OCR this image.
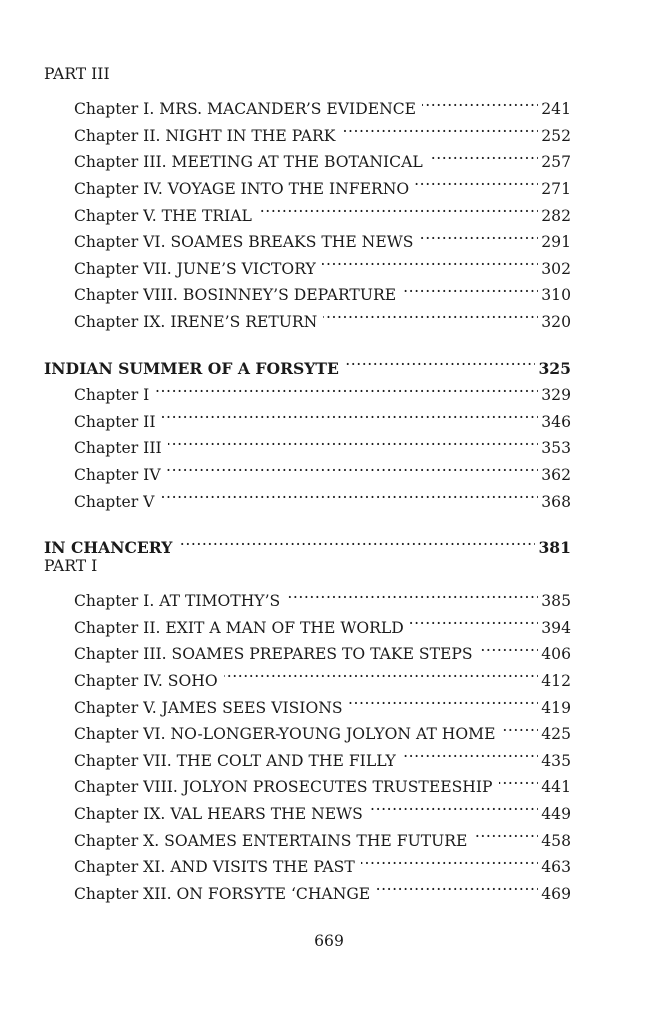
PART III
Chapter I. MRS. MACANDER’S EVIDENCE . . .	241
Chapter II. NIGHT IN THE PARK . . .	252
Chapter III. MEETING AT THE BOTANICAL . . .	257
Chapter IV. VOYAGE INTO THE INFERNO . . .	271
Chapter V. THE TRIAL . . .	282
Chapter VI. SOAMES BREAKS THE NEWS . . .	291
Chapter VII. JUNE’S VICTORY . . .	302
Chapter VIII. BOSINNEY’S DEPARTURE . . .	310
Chapter IX. IRENE’S RETURN . . .	320
INDIAN SUMMER OF A FORSYTE . . .	325
Chapter I . . .	329
Chapter II . . .	346
Chapter III . . .	353
Chapter IV . . .	362
Chapter V . . .	368
IN CHANCERY . . .	381
PART I
Chapter I. AT TIMOTHY’S . . .	385
Chapter II. EXIT A MAN OF THE WORLD . . .	394
Chapter III. SOAMES PREPARES TO TAKE STEPS . . .	406
Chapter IV. SOHO . . .	412
Chapter V. JAMES SEES VISIONS . . .	419
Chapter VI. NO-LONGER-YOUNG JOLYON AT HOME . . .	425
Chapter VII. THE COLT AND THE FILLY . . .	435
Chapter VIII. JOLYON PROSECUTES TRUSTEESHIP . . .	441
Chapter IX. VAL HEARS THE NEWS . . .	449
Chapter X. SOAMES ENTERTAINS THE FUTURE . . .	458
Chapter XI. AND VISITS THE PAST . . .	463
Chapter XII. ON FORSYTE ‘CHANGE . . .	469
669
